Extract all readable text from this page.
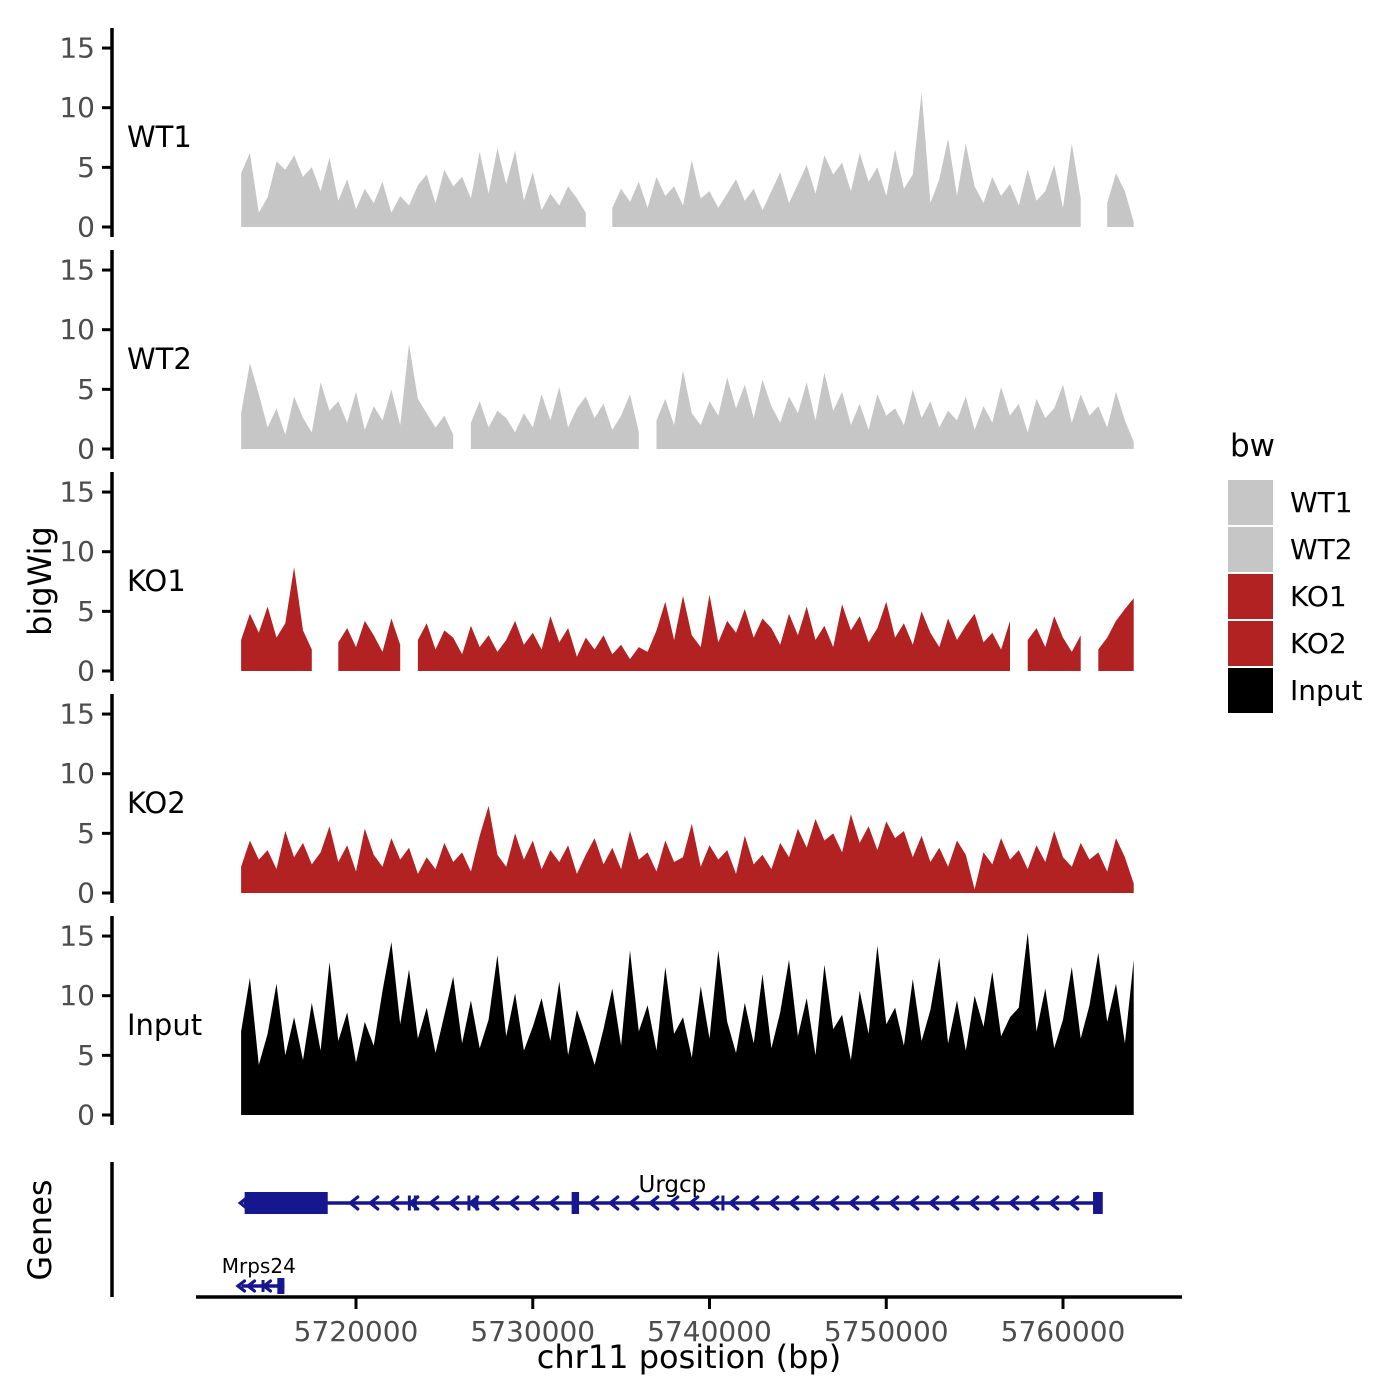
0
5
10
15
WT1
0
5
10
15
WT2
0
5
10
15
KO1
0
5
10
15
KO2
0
5
10
15
Input
5720000 5730000 5740000 5750000 5760000
Urgcp
Mrps24
bigWig
Genes
chr11 position (bp)
bw
WT1
WT2
KO1
KO2
Input
